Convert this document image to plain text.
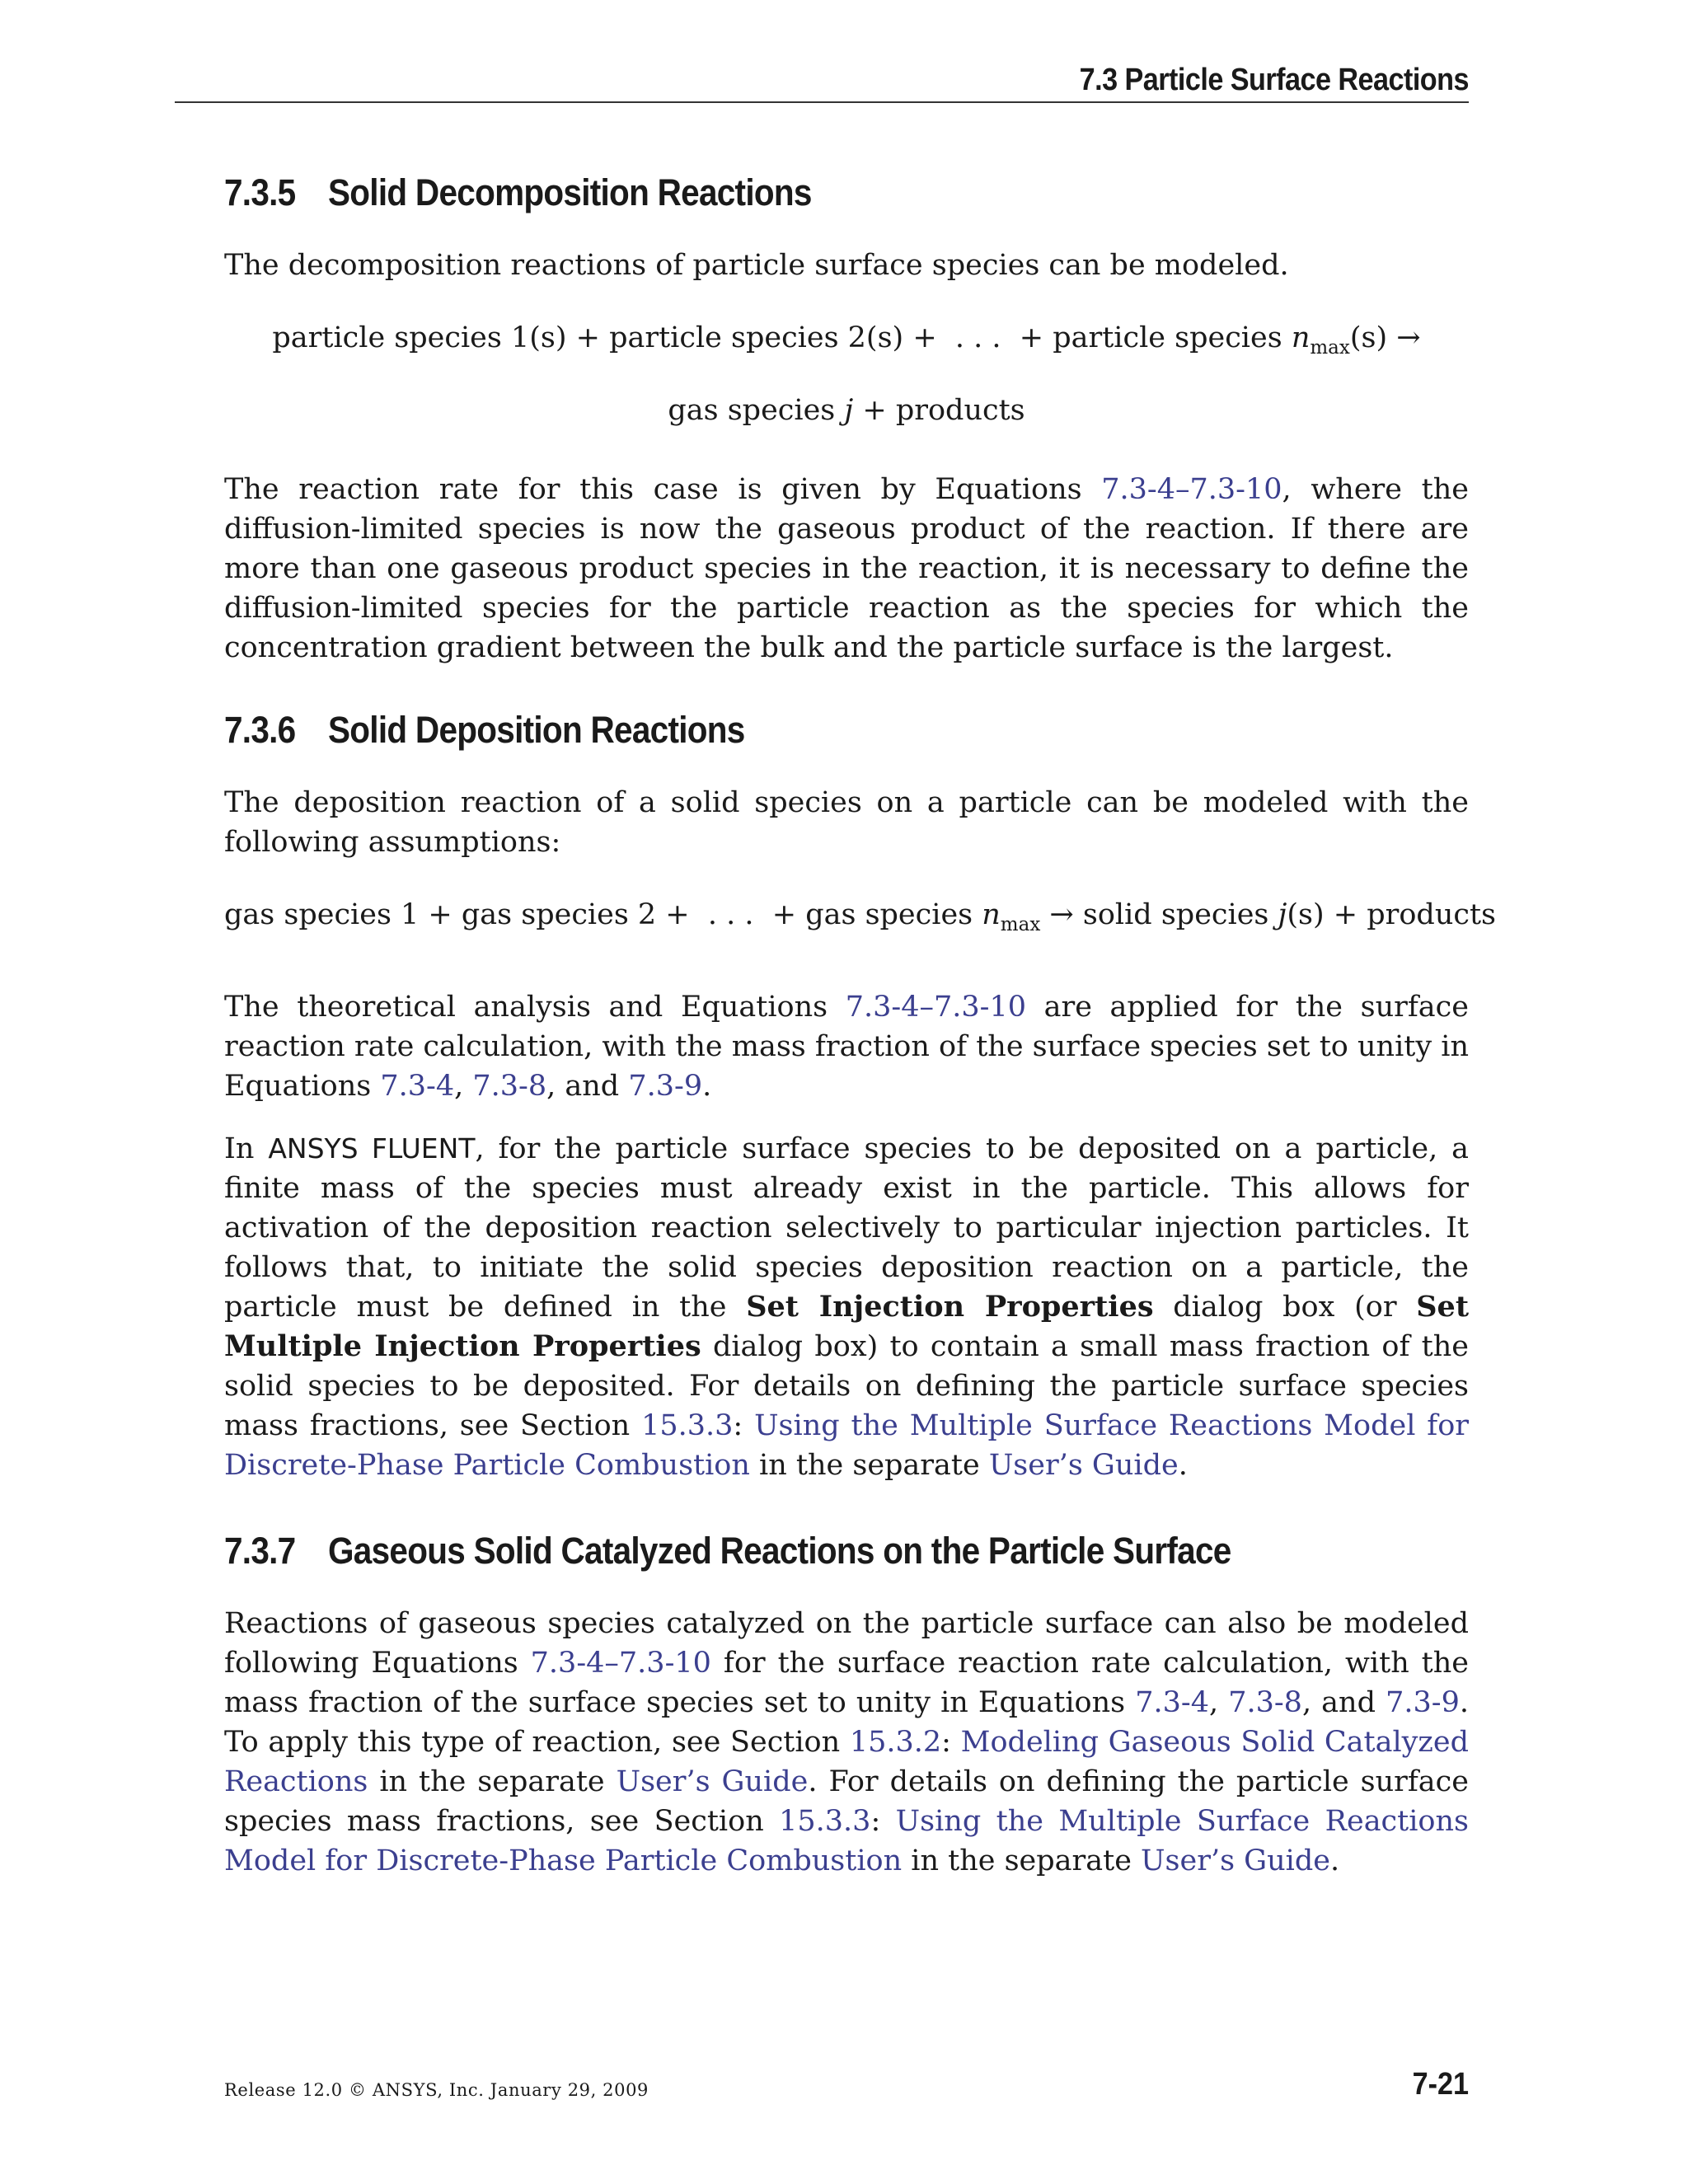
7.3 Particle Surface Reactions
7.3.5 Solid Decomposition Reactions

The decomposition reactions of particle surface species can be modeled.

particle species 1(s) + particle species 2(s) +  . . .  + particle species $n_{max}(s)$ →

gas species j + products

The reaction rate for this case is given by Equations 7.3-4–7.3-10, where the diffusion-limited species is now the gaseous product of the reaction. If there are more than one gaseous product species in the reaction, it is necessary to define the diffusion-limited species for the particle reaction as the species for which the concentration gradient between the bulk and the particle surface is the largest.

7.3.6 Solid Deposition Reactions

The deposition reaction of a solid species on a particle can be modeled with the following assumptions:

gas species 1 + gas species 2 +  . . .  + gas species $n_{max}$ → solid species j(s) + products

The theoretical analysis and Equations 7.3-4–7.3-10 are applied for the surface reaction rate calculation, with the mass fraction of the surface species set to unity in Equations 7.3-4, 7.3-8, and 7.3-9.

In ANSYS FLUENT, for the particle surface species to be deposited on a particle, a finite mass of the species must already exist in the particle. This allows for activation of the deposition reaction selectively to particular injection particles. It follows that, to initiate the solid species deposition reaction on a particle, the particle must be defined in the Set Injection Properties dialog box (or Set Multiple Injection Properties dialog box) to contain a small mass fraction of the solid species to be deposited. For details on defining the particle surface species mass fractions, see Section 15.3.3: Using the Multiple Surface Reactions Model for Discrete-Phase Particle Combustion in the separate User’s Guide.

7.3.7 Gaseous Solid Catalyzed Reactions on the Particle Surface

Reactions of gaseous species catalyzed on the particle surface can also be modeled following Equations 7.3-4–7.3-10 for the surface reaction rate calculation, with the mass fraction of the surface species set to unity in Equations 7.3-4, 7.3-8, and 7.3-9. To apply this type of reaction, see Section 15.3.2: Modeling Gaseous Solid Catalyzed Reactions in the separate User’s Guide. For details on defining the particle surface species mass fractions, see Section 15.3.3: Using the Multiple Surface Reactions Model for Discrete-Phase Particle Combustion in the separate User’s Guide.

Release 12.0 © ANSYS, Inc. January 29, 2009	7-21
